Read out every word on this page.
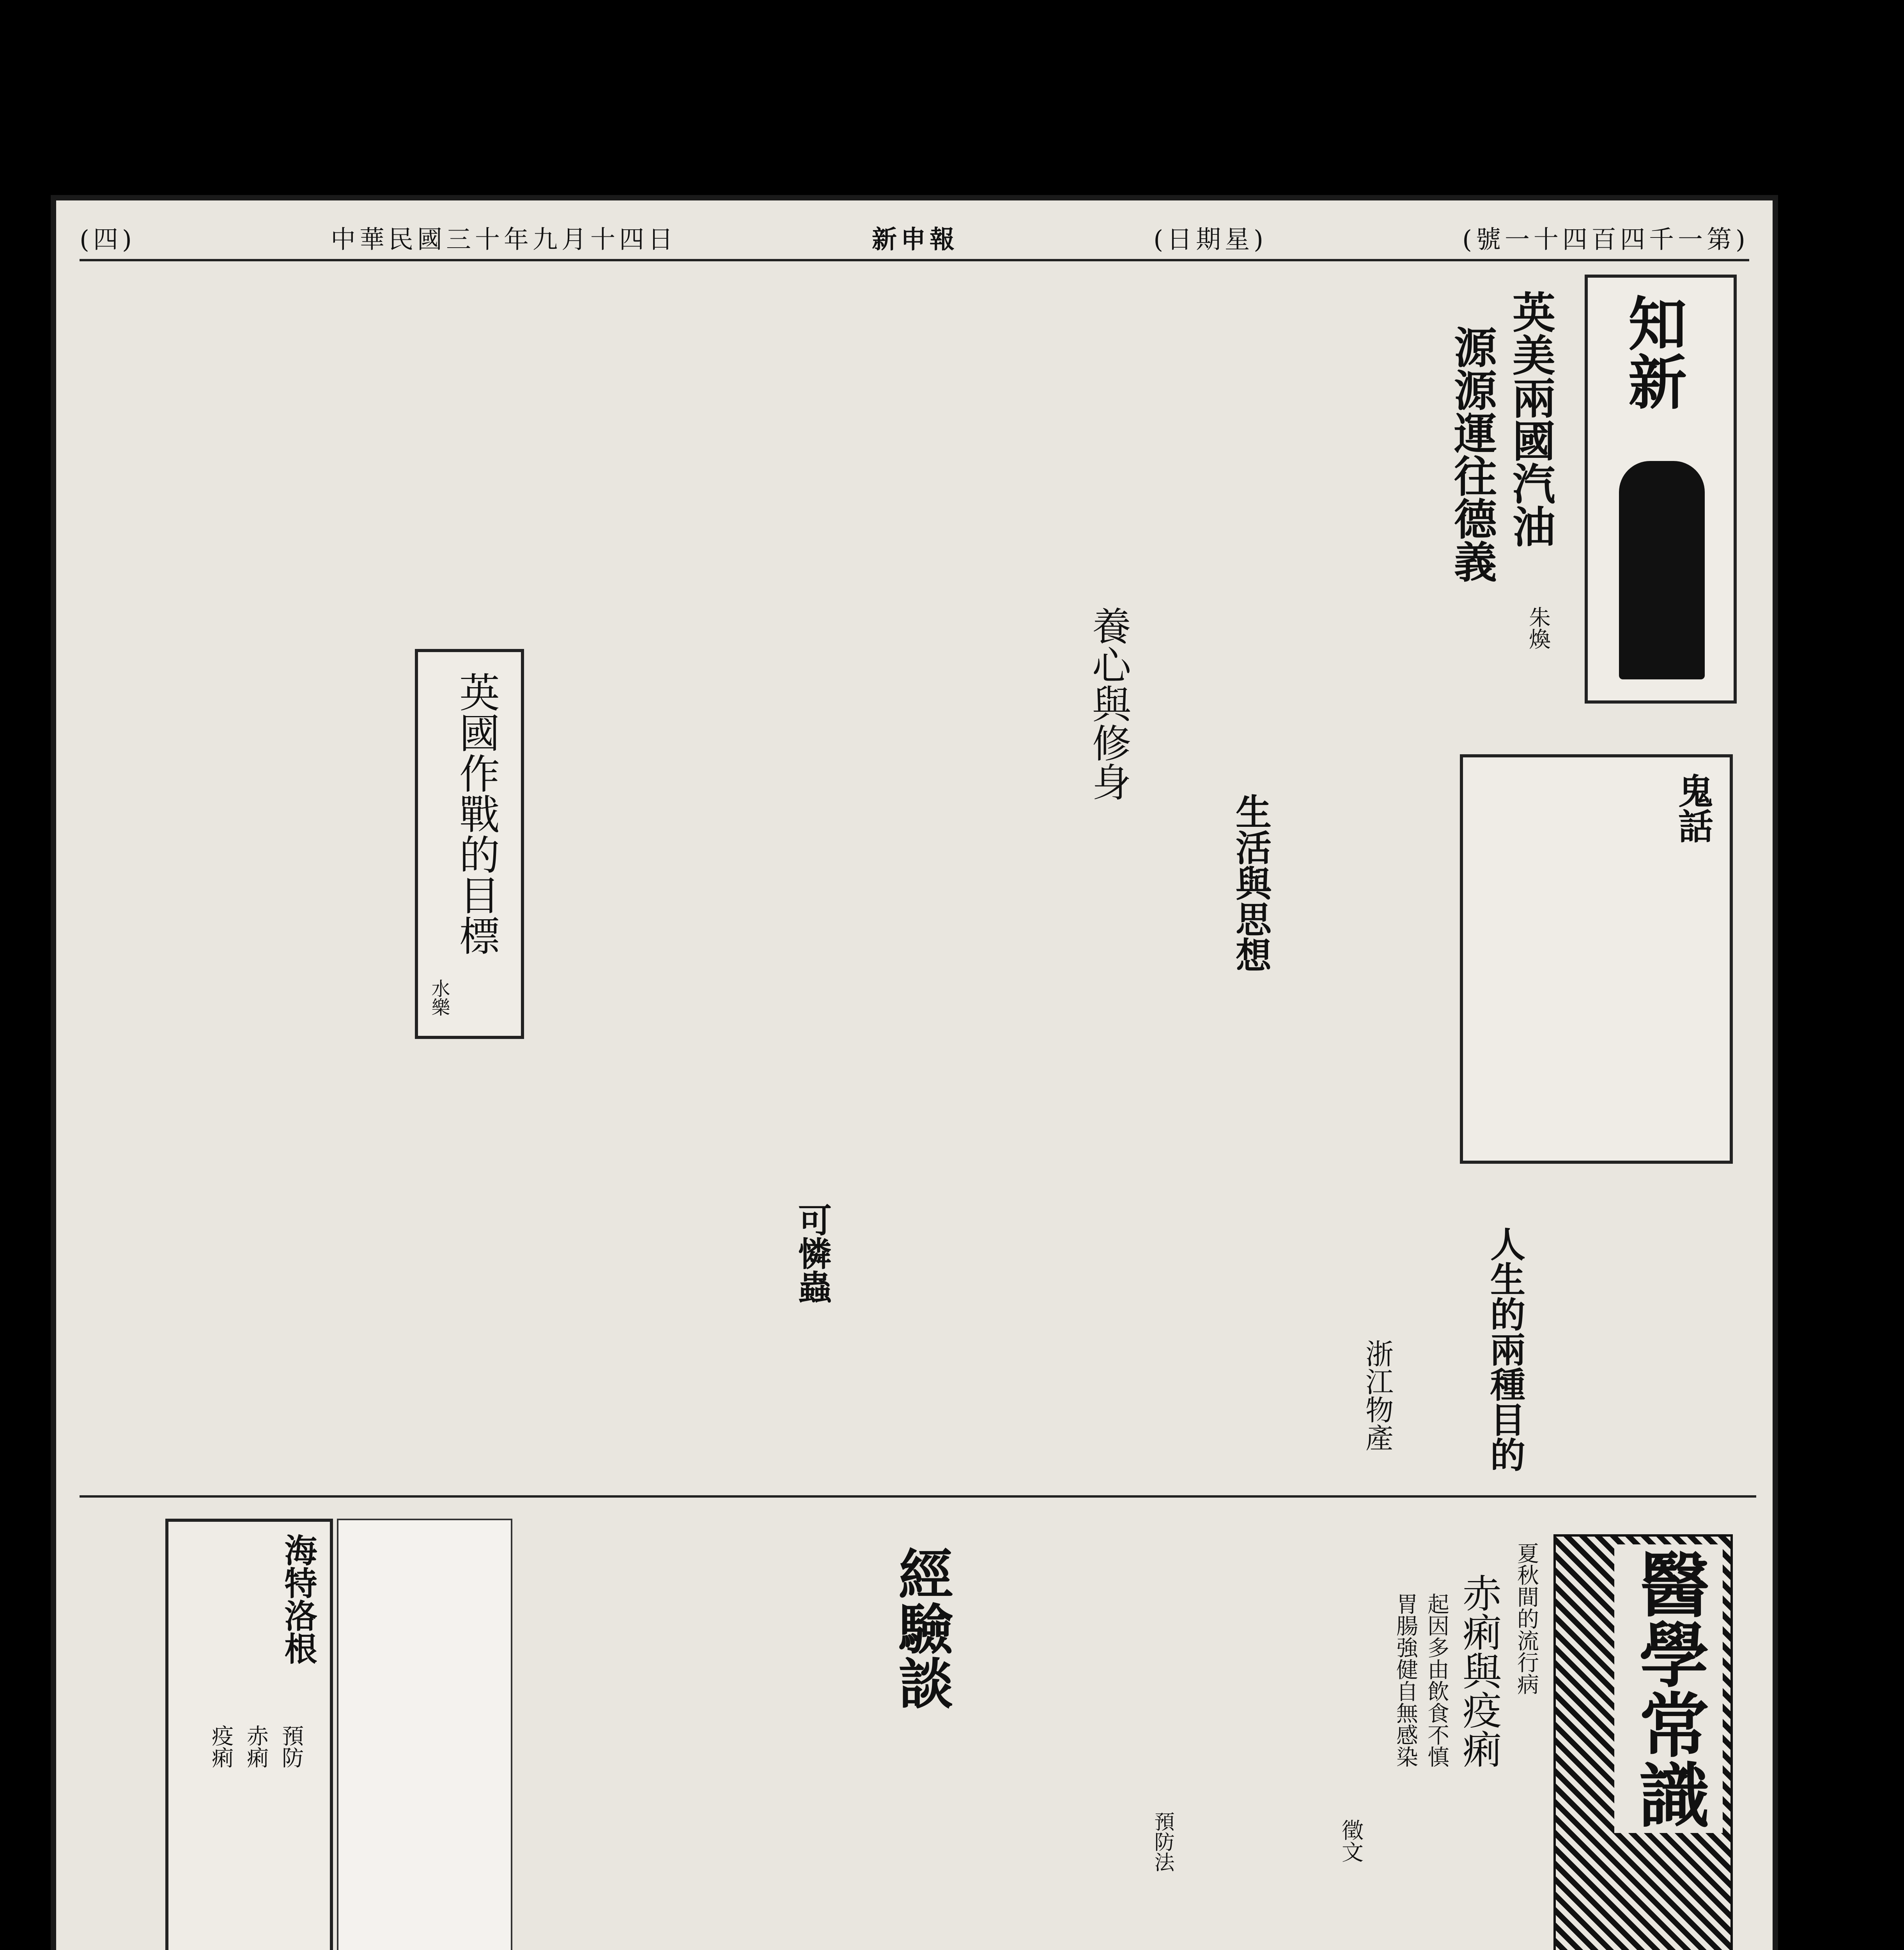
(四)	中華民國三十年九月十四日	新申報	(日期星)	(號一十四百四千一第)
知新
英美兩國汽油
源源運往德義
朱煥
鬼話
養心與修身
生活與思想
英國作戰的目標
水樂
人生的兩種目的
浙江物產
可憐蟲
海特洛根
預防
赤痢
疫痢
經驗談	夏秋間的流行病
赤痢與疫痢
起因多由飲食不慎
胃腸強健自無感染	醫學常識
預防法	徵文
